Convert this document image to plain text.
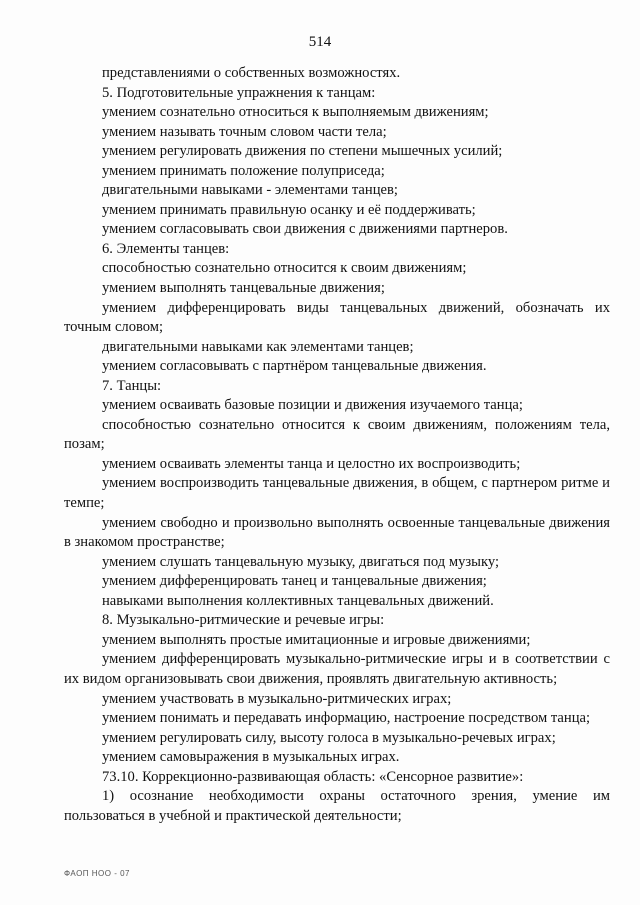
514

представлениями о собственных возможностях.

5. Подготовительные упражнения к танцам:

умением сознательно относиться к выполняемым движениям;

умением называть точным словом части тела;

умением регулировать движения по степени мышечных усилий;

умением принимать положение полуприседа;

двигательными навыками - элементами танцев;

умением принимать правильную осанку и её поддерживать;

умением согласовывать свои движения с движениями партнеров.

6. Элементы танцев:

способностью сознательно относится к своим движениям;

умением выполнять танцевальные движения;

умением дифференцировать виды танцевальных движений, обозначать их точным словом;

двигательными навыками как элементами танцев;

умением согласовывать с партнёром танцевальные движения.

7. Танцы:

умением осваивать базовые позиции и движения изучаемого танца;

способностью сознательно относится к своим движениям, положениям тела, позам;

умением осваивать элементы танца и целостно их воспроизводить;

умением воспроизводить танцевальные движения, в общем, с партнером ритме и темпе;

умением свободно и произвольно выполнять освоенные танцевальные движения в знакомом пространстве;

умением слушать танцевальную музыку, двигаться под музыку;

умением дифференцировать танец и танцевальные движения;

навыками выполнения коллективных танцевальных движений.

8. Музыкально-ритмические и речевые игры:

умением выполнять простые имитационные и игровые движениями;

умением дифференцировать музыкально-ритмические игры и в соответствии с их видом организовывать свои движения, проявлять двигательную активность;

умением участвовать в музыкально-ритмических играх;

умением понимать и передавать информацию, настроение посредством танца;

умением регулировать силу, высоту голоса в музыкально-речевых играх;

умением самовыражения в музыкальных играх.

73.10. Коррекционно-развивающая область: «Сенсорное развитие»:

1) осознание необходимости охраны остаточного зрения, умение им пользоваться в учебной и практической деятельности;

ФАОП НОО - 07
